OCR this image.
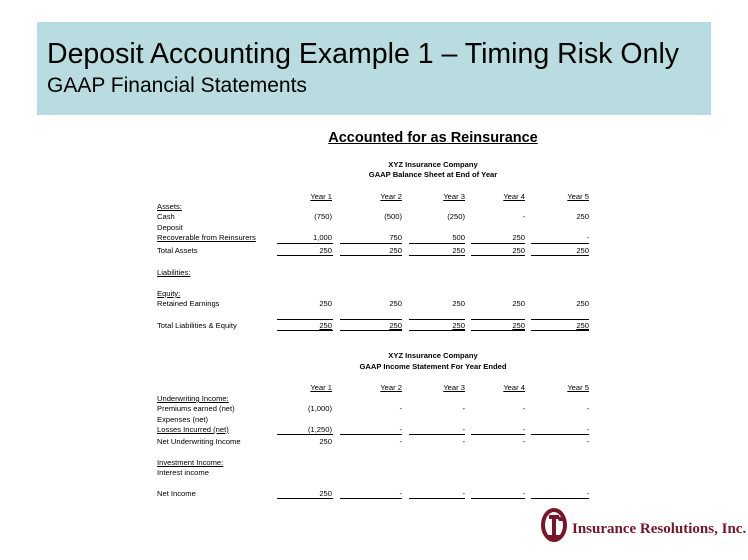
Deposit Accounting Example 1 – Timing Risk Only
GAAP Financial Statements
Accounted for as Reinsurance
XYZ Insurance Company
GAAP Balance Sheet at End of Year
Year 1	Year 2	Year 3	Year 4	Year 5
Assets:
Cash	(750)	(500)	(250)	-	250
Deposit
Recoverable from Reinsurers	1,000	750	500	250	-
Total Assets	250	250	250	250	250
Liabilities:
Equity:
Retained Earnings	250	250	250	250	250
Total Liabilities & Equity	250	250	250	250	250
XYZ Insurance Company
GAAP Income Statement For Year Ended
Year 1	Year 2	Year 3	Year 4	Year 5
Underwriting Income:
Premiums earned (net)	(1,000)	-	-	-	-
Expenses (net)
Losses Incurred (net)	(1,250)	-	-	-	-
Net Underwriting Income	250	-	-	-	-
Investment Income:
Interest income
Net Income	250	-	-	-	-
Insurance Resolutions, Inc.
